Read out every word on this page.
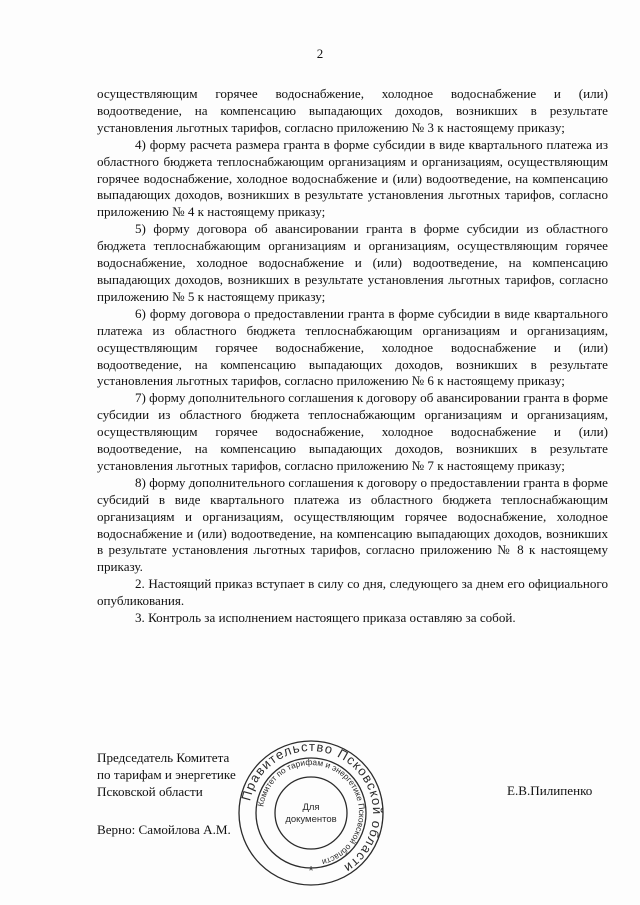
2

осуществляющим горячее водоснабжение, холодное водоснабжение и (или) водоотведение, на компенсацию выпадающих доходов, возникших в результате установления льготных тарифов, согласно приложению № 3 к настоящему приказу;

4) форму расчета размера гранта в форме субсидии в виде квартального платежа из областного бюджета теплоснабжающим организациям и организациям, осуществляющим горячее водоснабжение, холодное водоснабжение и (или) водоотведение, на компенсацию выпадающих доходов, возникших в результате установления льготных тарифов, согласно приложению № 4 к настоящему приказу;

5) форму договора об авансировании гранта в форме субсидии из областного бюджета теплоснабжающим организациям и организациям, осуществляющим горячее водоснабжение, холодное водоснабжение и (или) водоотведение, на компенсацию выпадающих доходов, возникших в результате установления льготных тарифов, согласно приложению № 5 к настоящему приказу;

6) форму договора о предоставлении гранта в форме субсидии в виде квартального платежа из областного бюджета теплоснабжающим организациям и организациям, осуществляющим горячее водоснабжение, холодное водоснабжение и (или) водоотведение, на компенсацию выпадающих доходов, возникших в результате установления льготных тарифов, согласно приложению № 6 к настоящему приказу;

7) форму дополнительного соглашения к договору об авансировании гранта в форме субсидии из областного бюджета теплоснабжающим организациям и организациям, осуществляющим горячее водоснабжение, холодное водоснабжение и (или) водоотведение, на компенсацию выпадающих доходов, возникших в результате установления льготных тарифов, согласно приложению № 7 к настоящему приказу;

8) форму дополнительного соглашения к договору о предоставлении гранта в форме субсидий в виде квартального платежа из областного бюджета теплоснабжающим организациям и организациям, осуществляющим горячее водоснабжение, холодное водоснабжение и (или) водоотведение, на компенсацию выпадающих доходов, возникших в результате установления льготных тарифов, согласно приложению № 8 к настоящему приказу.

2. Настоящий приказ вступает в силу со дня, следующего за днем его официального опубликования.

3. Контроль за исполнением настоящего приказа оставляю за собой.

Председатель Комитета
по тарифам и энергетике
Псковской области	Е.В.Пилипенко
Верно: Самойлова А.М.
Правительство Псковской области
Комитет по тарифам и энергетике Псковской области
Для
документов
*
